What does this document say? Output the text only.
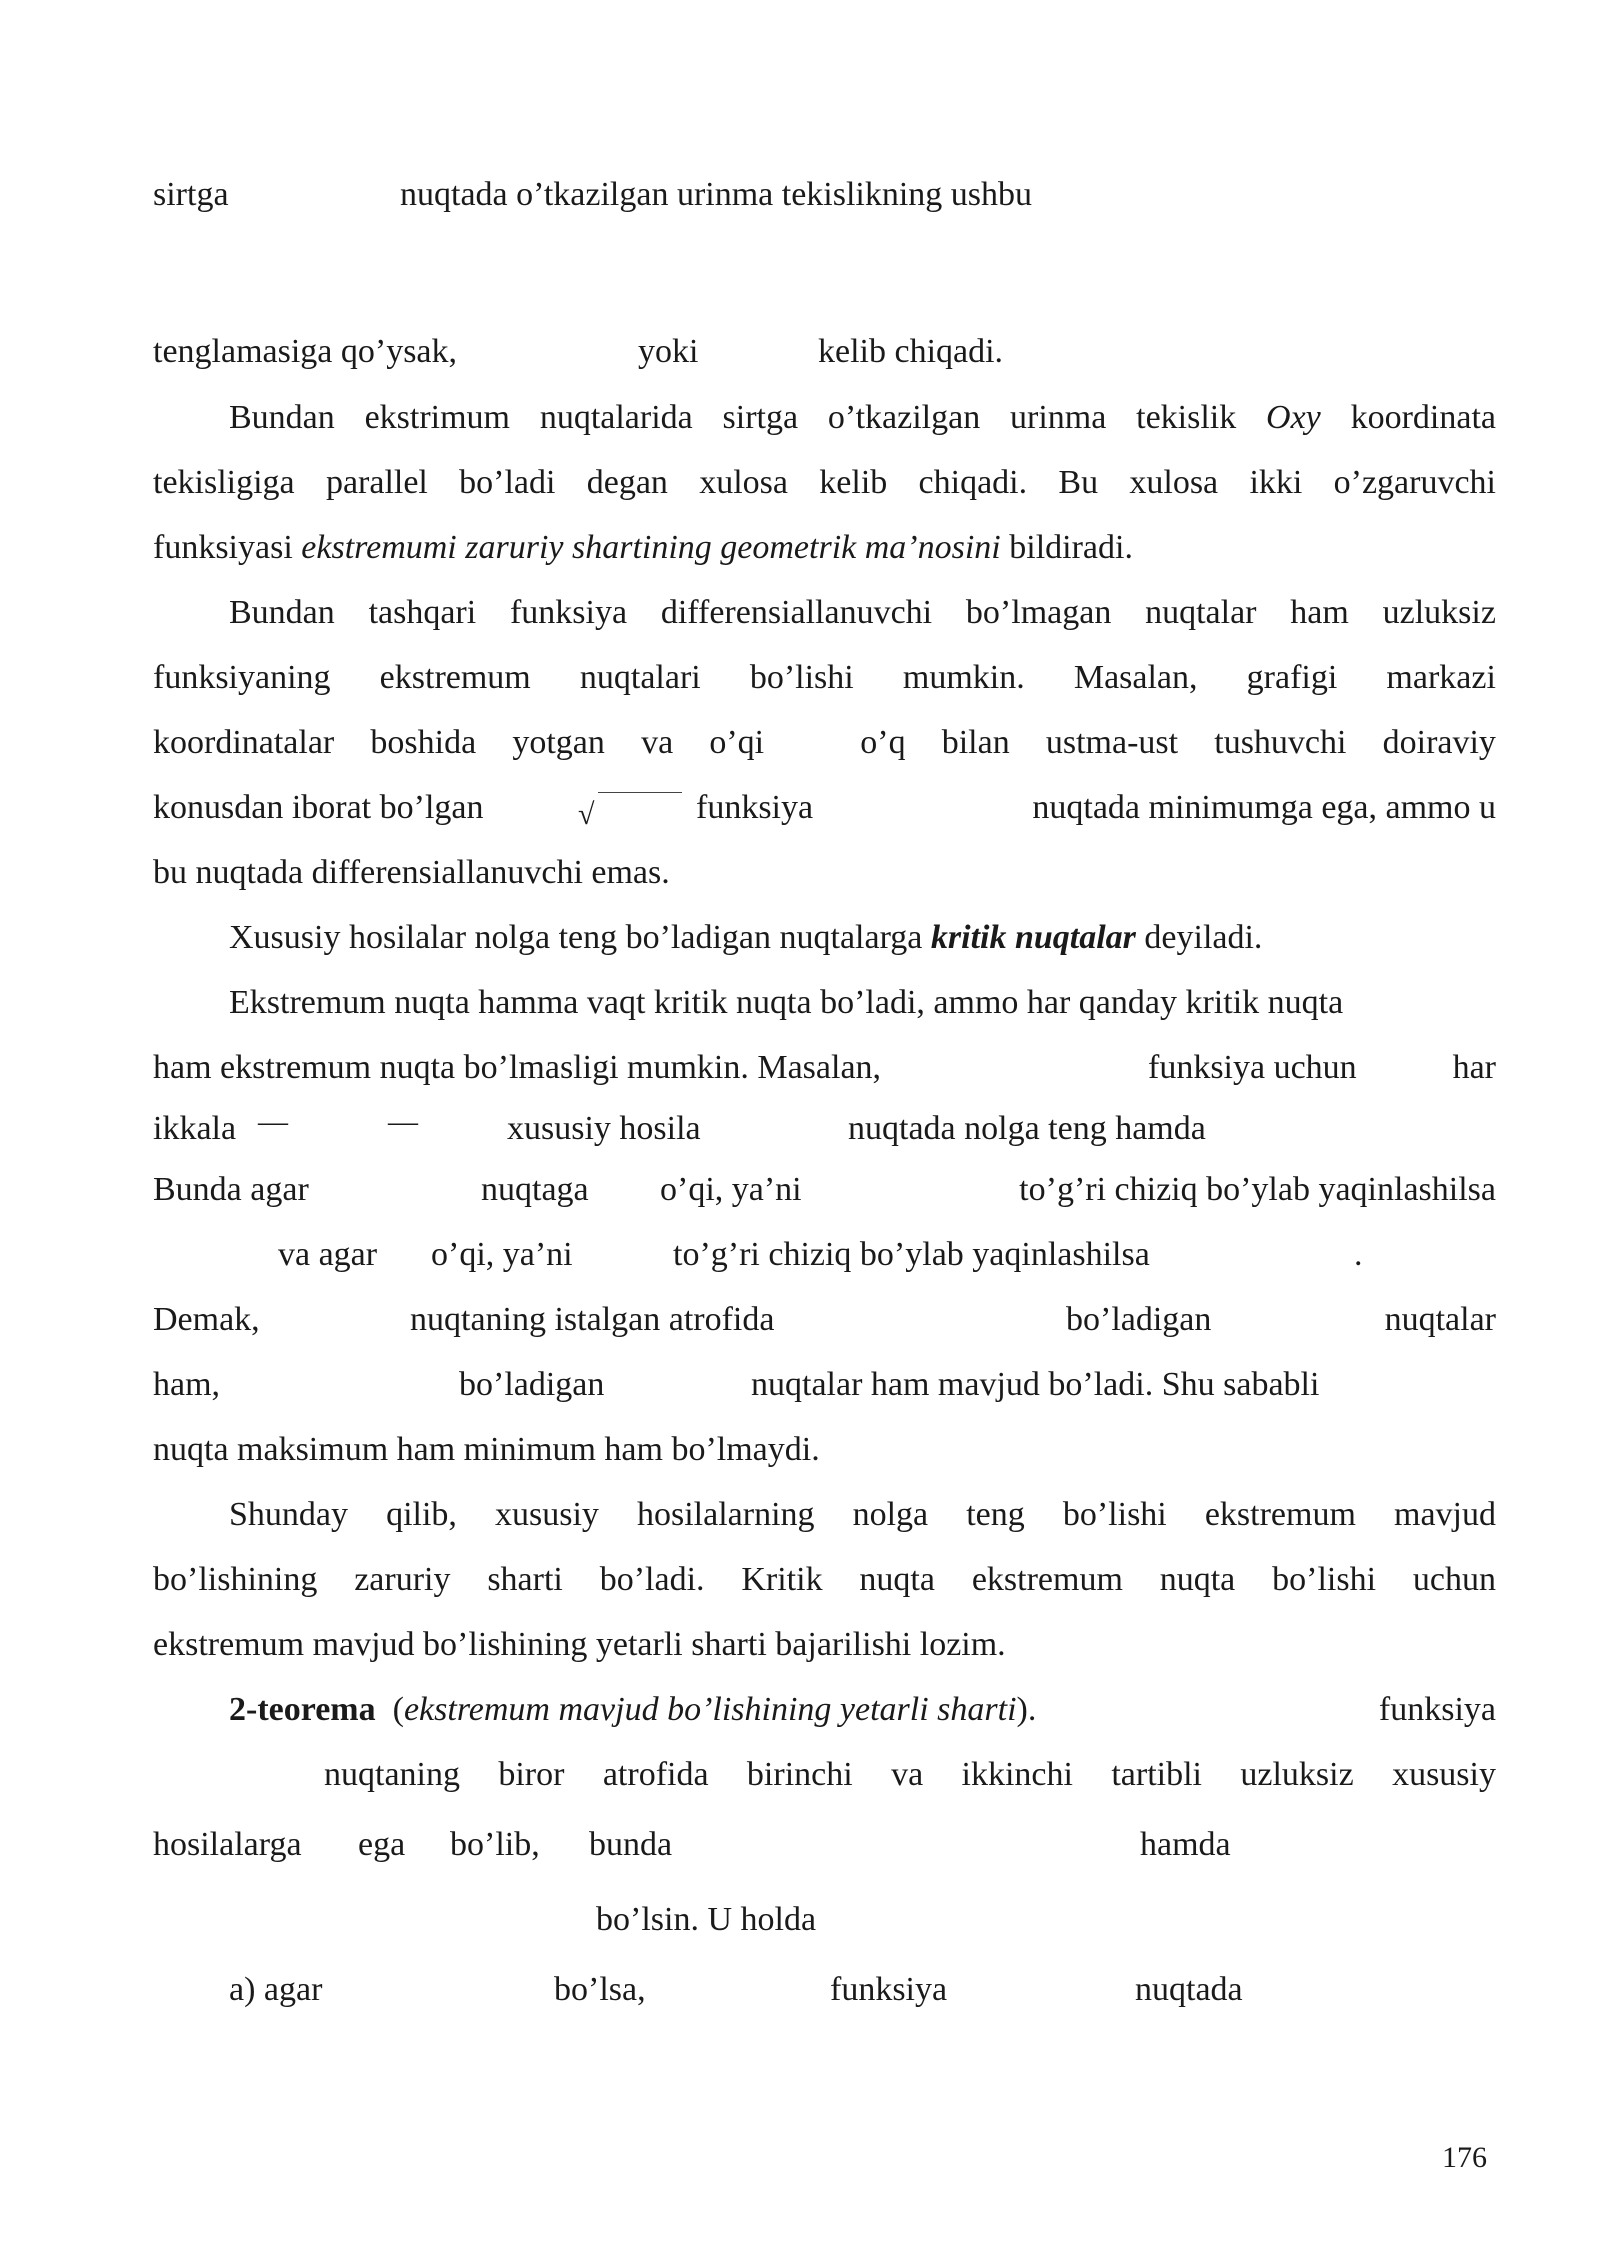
sirtga	nuqtada o’tkazilgan urinma tekislikning ushbu
tenglamasiga qo’ysak,	yoki	kelib chiqadi.
Bundan ekstrimum nuqtalarida sirtga o’tkazilgan urinma tekislik Oxy koordinata
tekisligiga parallel bo’ladi degan xulosa kelib chiqadi. Bu xulosa ikki o’zgaruvchi
funksiyasi ekstremumi zaruriy shartining geometrik ma’nosini bildiradi.
Bundan tashqari funksiya differensiallanuvchi bo’lmagan nuqtalar ham uzluksiz
funksiyaning ekstremum nuqtalari bo’lishi mumkin. Masalan, grafigi markazi
koordinatalar boshida yotgan va o’qi	o’q bilan ustma-ust tushuvchi doiraviy
konusdan iborat bo’lgan	√	funksiya	nuqtada minimumga ega, ammo u
bu nuqtada differensiallanuvchi emas.
Xususiy hosilalar nolga teng bo’ladigan nuqtalarga kritik nuqtalar deyiladi.
Ekstremum nuqta hamma vaqt kritik nuqta bo’ladi, ammo har qanday kritik nuqta
ham ekstremum nuqta bo’lmasligi mumkin. Masalan,	funksiya uchun	har
ikkala —	—	xususiy hosila	nuqtada nolga teng hamda
Bunda agar	nuqtaga o’qi, ya’ni	to’g’ri chiziq bo’ylab yaqinlashilsa
va agar o’qi, ya’ni	to’g’ri chiziq bo’ylab yaqinlashilsa	.
Demak,	nuqtaning istalgan atrofida	bo’ladigan	nuqtalar
ham,	bo’ladigan	nuqtalar ham mavjud bo’ladi. Shu sababli
nuqta maksimum ham minimum ham bo’lmaydi.
Shunday qilib, xususiy hosilalarning nolga teng bo’lishi ekstremum mavjud
bo’lishining zaruriy sharti bo’ladi. Kritik nuqta ekstremum nuqta bo’lishi uchun
ekstremum mavjud bo’lishining yetarli sharti bajarilishi lozim.
2-teorema (ekstremum mavjud bo’lishining yetarli sharti).	funksiya
nuqtaning biror atrofida birinchi va ikkinchi tartibli uzluksiz xususiy
hosilalarga ega bo’lib, bunda	hamda
bo’lsin. U holda
a) agar	bo’lsa,	funksiya	nuqtada
176
